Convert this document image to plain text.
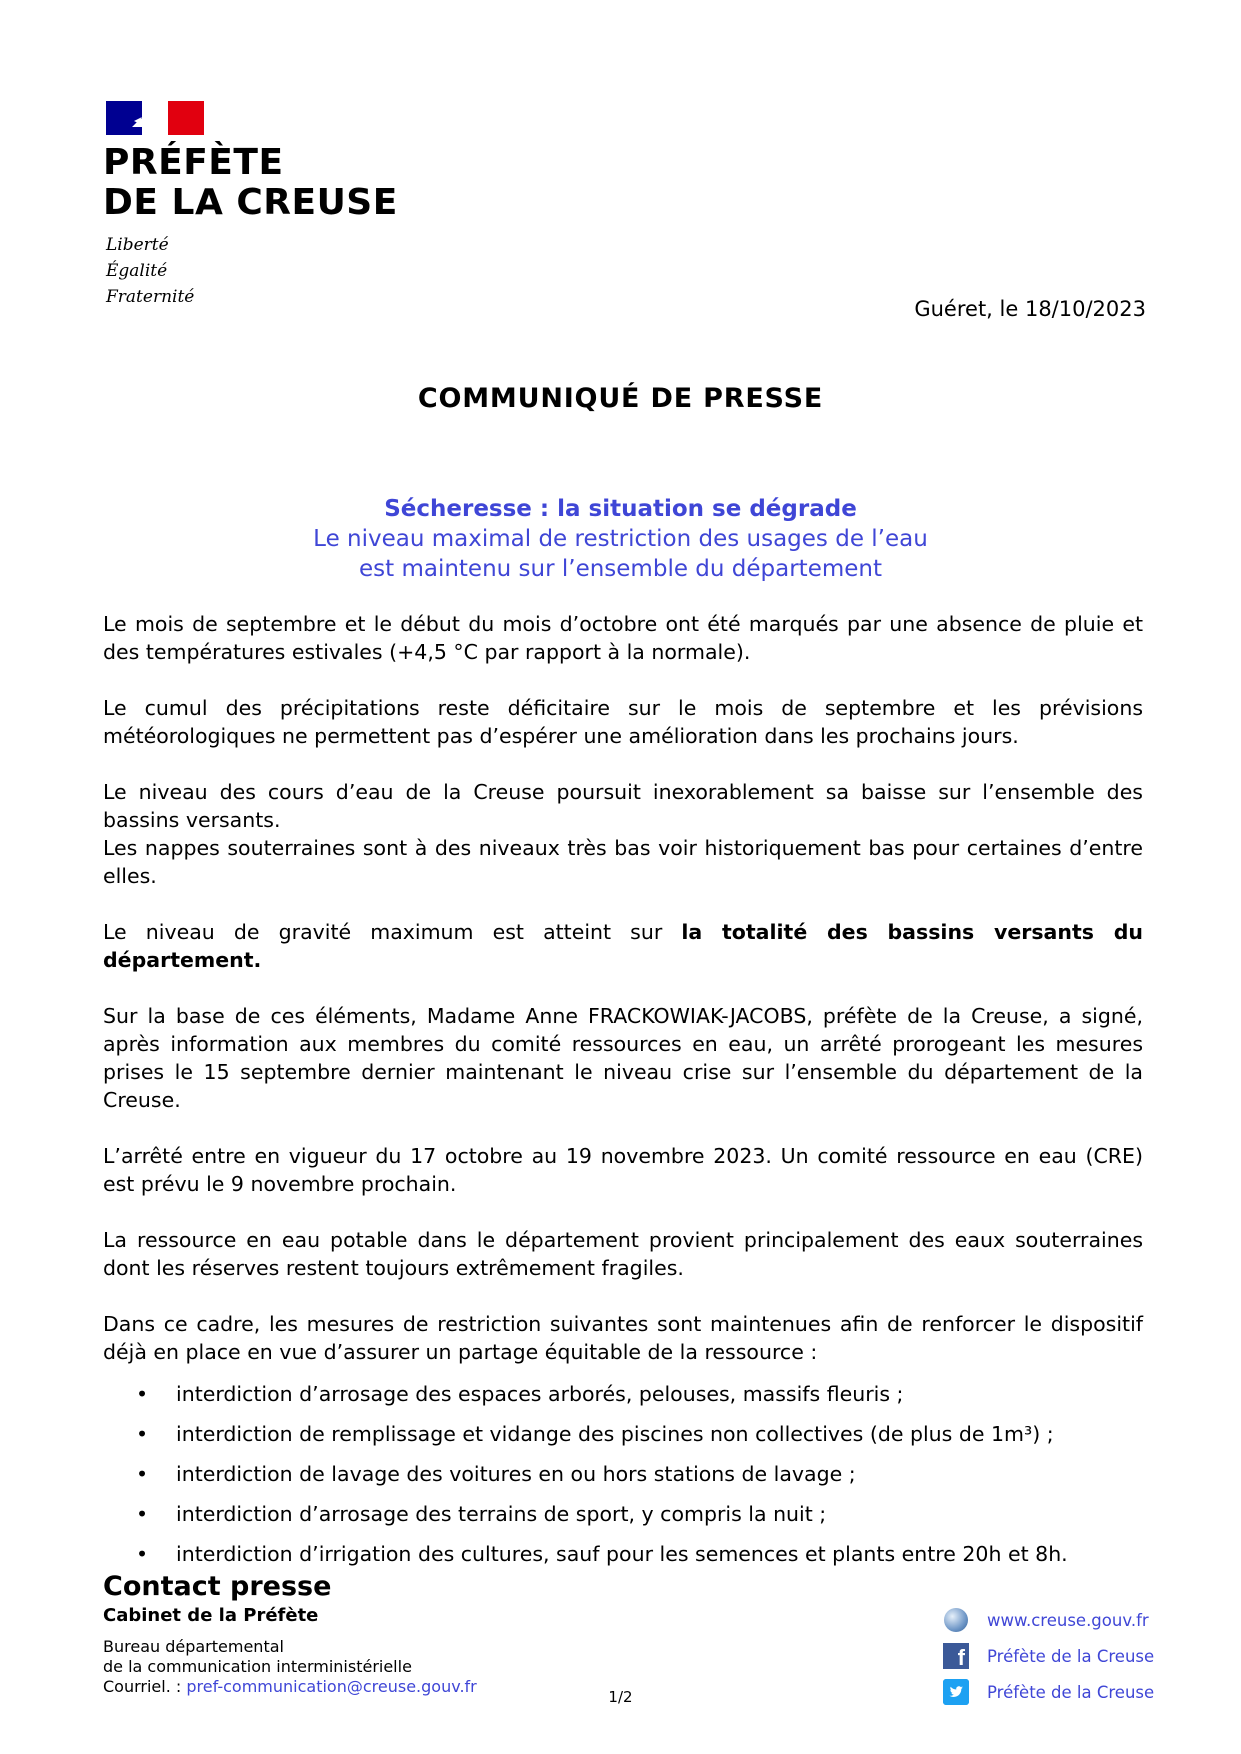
PRÉFÈTE
DE LA CREUSE
Liberté
Égalité
Fraternité	Guéret, le 18/10/2023
COMMUNIQUÉ DE PRESSE
Sécheresse : la situation se dégrade
Le niveau maximal de restriction des usages de l’eau
est maintenu sur l’ensemble du département

Le mois de septembre et le début du mois d’octobre ont été marqués par une absence de pluie et des températures estivales (+4,5 °C par rapport à la normale).

Le cumul des précipitations reste déficitaire sur le mois de septembre et les prévisions météorologiques ne permettent pas d’espérer une amélioration dans les prochains jours.

Le niveau des cours d’eau de la Creuse poursuit inexorablement sa baisse sur l’ensemble des bassins versants.

Les nappes souterraines sont à des niveaux très bas voir historiquement bas pour certaines d’entre elles.

Le niveau de gravité maximum est atteint sur la totalité des bassins versants du département.

Sur la base de ces éléments, Madame Anne FRACKOWIAK-JACOBS, préfète de la Creuse, a signé, après information aux membres du comité ressources en eau, un arrêté prorogeant les mesures prises le 15 septembre dernier maintenant le niveau crise sur l’ensemble du département de la Creuse.

L’arrêté entre en vigueur du 17 octobre au 19 novembre 2023. Un comité ressource en eau (CRE) est prévu le 9 novembre prochain.

La ressource en eau potable dans le département provient principalement des eaux souterraines dont les réserves restent toujours extrêmement fragiles.

Dans ce cadre, les mesures de restriction suivantes sont maintenues afin de renforcer le dispositif déjà en place en vue d’assurer un partage équitable de la ressource :

• interdiction d’arrosage des espaces arborés, pelouses, massifs fleuris ;
• interdiction de remplissage et vidange des piscines non collectives (de plus de 1m³) ;
• interdiction de lavage des voitures en ou hors stations de lavage ;
• interdiction d’arrosage des terrains de sport, y compris la nuit ;
• interdiction d’irrigation des cultures, sauf pour les semences et plants entre 20h et 8h.
Contact presse
Cabinet de la Préfète
Bureau départemental
de la communication interministérielle
Courriel. : pref-communication@creuse.gouv.fr
www.creuse.gouv.fr
f Préfète de la Creuse
Préfète de la Creuse
1/2
